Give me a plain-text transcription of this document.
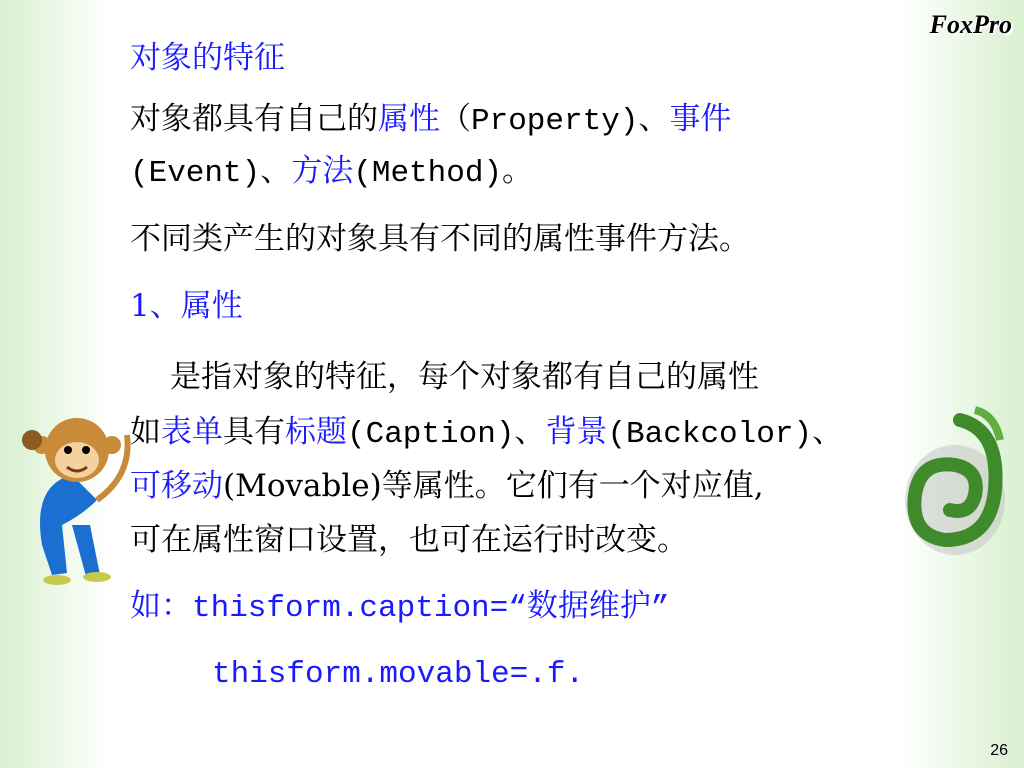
FoxPro
对象的特征
对象都具有自己的属性（Property)、事件
(Event)、方法(Method)。
不同类产生的对象具有不同的属性事件方法。
1、属性
是指对象的特征，每个对象都有自己的属性
如表单具有标题(Caption)、背景(Backcolor)、
可移动(Movable)等属性。它们有一个对应值,
可在属性窗口设置，也可在运行时改变。
如：thisform.caption=“数据维护”
thisform.movable=.f.
26
